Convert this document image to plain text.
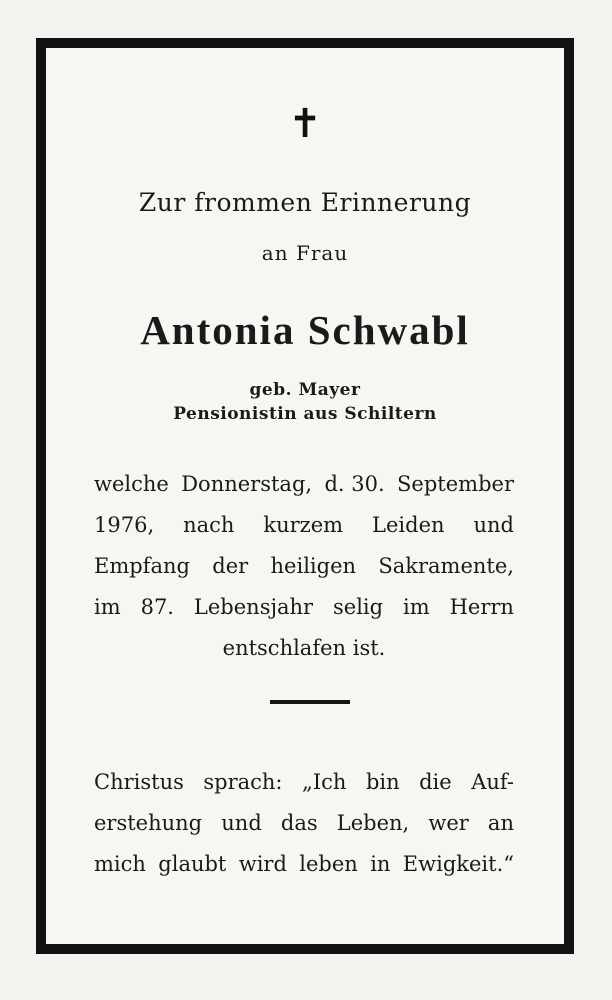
✝
Zur frommen Erinnerung
an Frau
Antonia Schwabl
geb. Mayer
Pensionistin aus Schiltern
welche Donnerstag, d. 30. September
1976, nach kurzem Leiden und
Empfang der heiligen Sakramente,
im 87. Lebensjahr selig im Herrn
entschlafen ist.
Christus sprach: „Ich bin die Auf-
erstehung und das Leben, wer an
mich glaubt wird leben in Ewigkeit.“
